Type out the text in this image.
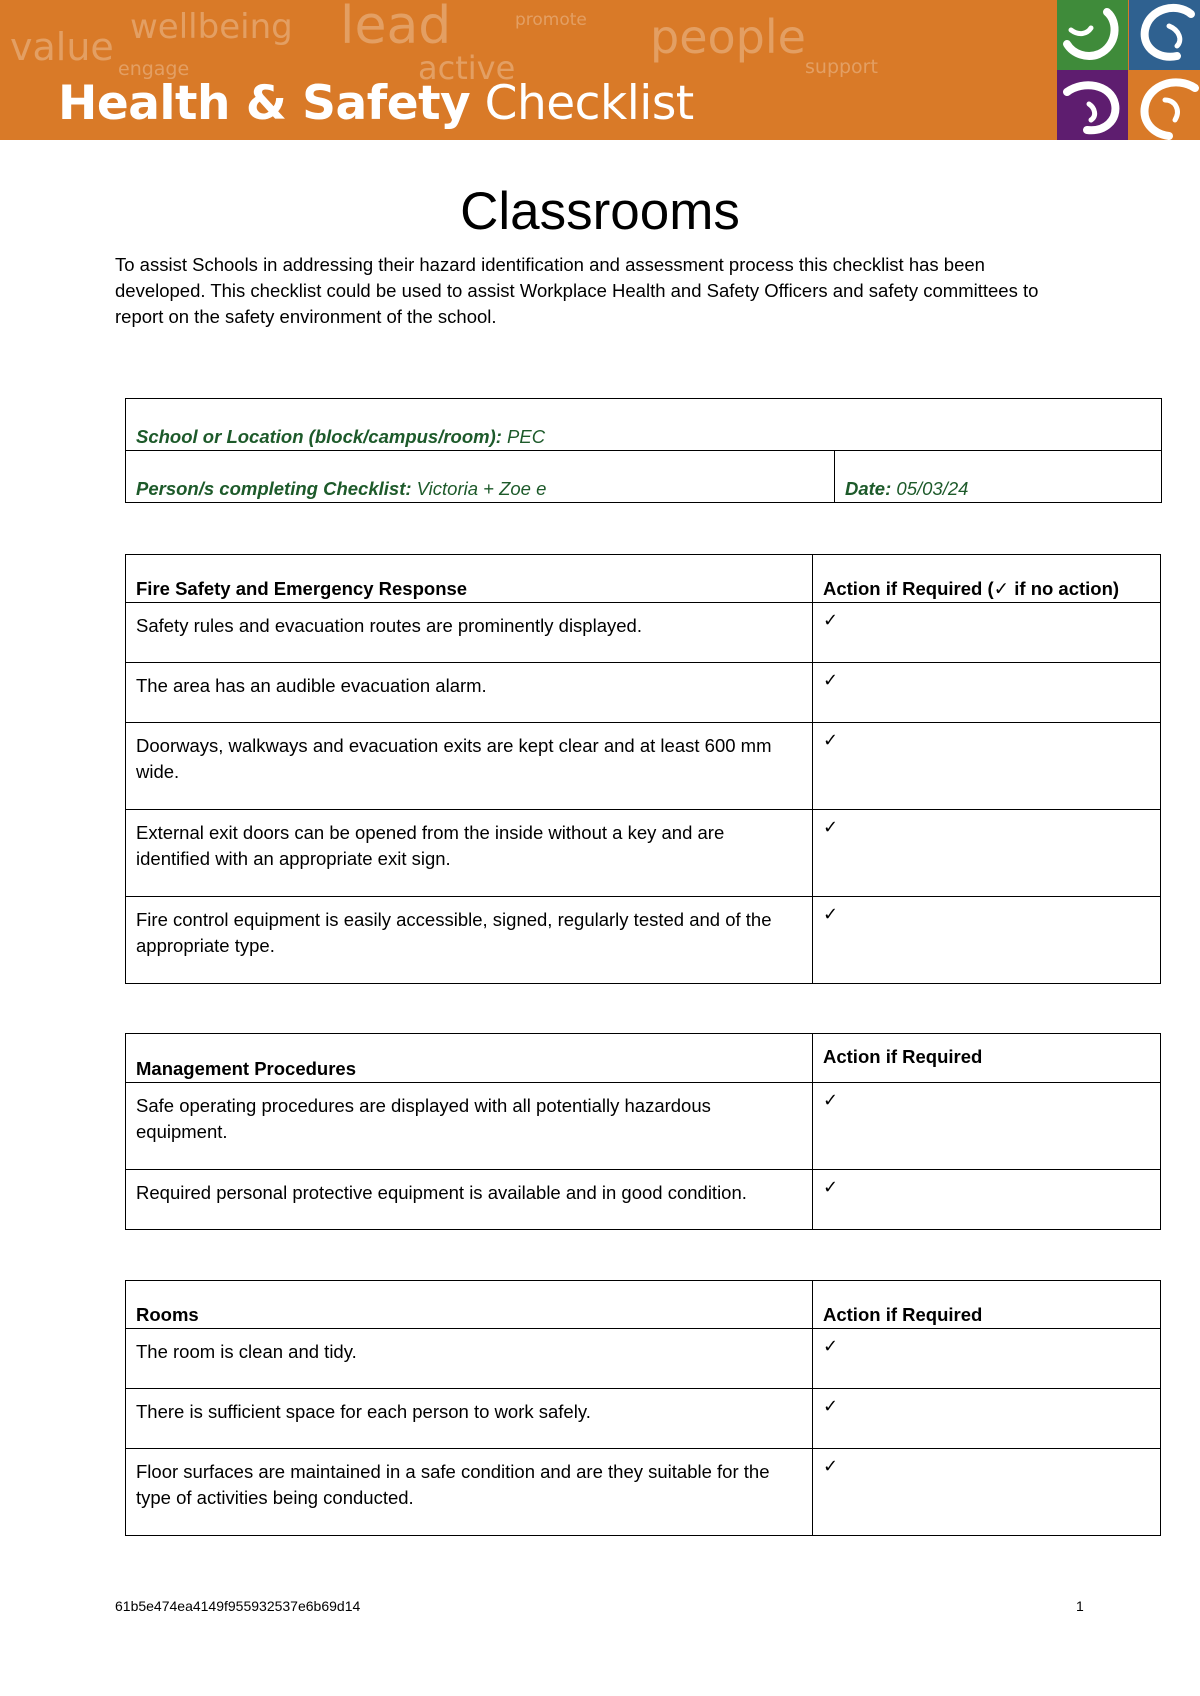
value wellbeing
engage
lead
active
promote people
support
Health & Safety Checklist
Classrooms

To assist Schools in addressing their hazard identification and assessment process this checklist has been developed. This checklist could be used to assist Workplace Health and Safety Officers and safety committees to report on the safety environment of the school.

School or Location (block/campus/room): PEC
Person/s completing Checklist: Victoria + Zoe e	Date: 05/03/24
Fire Safety and Emergency Response	Action if Required (✓ if no action)
Safety rules and evacuation routes are prominently displayed.	✓
The area has an audible evacuation alarm.	✓
Doorways, walkways and evacuation exits are kept clear and at least 600 mm wide.	✓
External exit doors can be opened from the inside without a key and are identified with an appropriate exit sign.	✓
Fire control equipment is easily accessible, signed, regularly tested and of the appropriate type.	✓
Management Procedures	Action if Required
Safe operating procedures are displayed with all potentially hazardous equipment.	✓
Required personal protective equipment is available and in good condition.	✓
Rooms	Action if Required
The room is clean and tidy.	✓
There is sufficient space for each person to work safely.	✓
Floor surfaces are maintained in a safe condition and are they suitable for the type of activities being conducted.	✓
61b5e474ea4149f955932537e6b69d14	1
